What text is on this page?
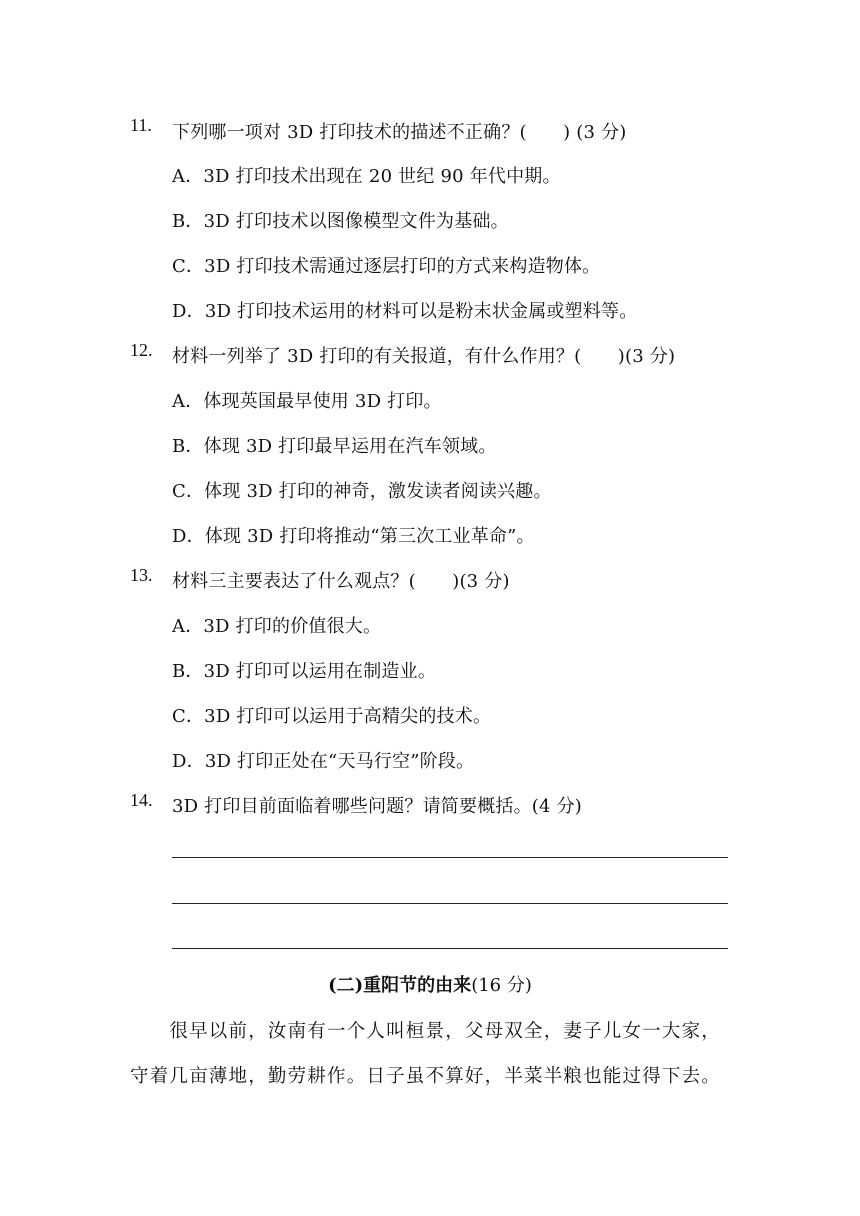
11. 下列哪一项对 3D 打印技术的描述不正确？(　　) (3 分)
A．3D 打印技术出现在 20 世纪 90 年代中期。
B．3D 打印技术以图像模型文件为基础。
C．3D 打印技术需通过逐层打印的方式来构造物体。
D．3D 打印技术运用的材料可以是粉末状金属或塑料等。
12. 材料一列举了 3D 打印的有关报道，有什么作用？(　　)(3 分)
A．体现英国最早使用 3D 打印。
B．体现 3D 打印最早运用在汽车领域。
C．体现 3D 打印的神奇，激发读者阅读兴趣。
D．体现 3D 打印将推动“第三次工业革命”。
13. 材料三主要表达了什么观点？(　　)(3 分)
A．3D 打印的价值很大。
B．3D 打印可以运用在制造业。
C．3D 打印可以运用于高精尖的技术。
D．3D 打印正处在“天马行空”阶段。
14. 3D 打印目前面临着哪些问题？请简要概括。(4 分)
(二)重阳节的由来(16 分)
　　很早以前，汝南有一个人叫桓景，父母双全，妻子儿女一大家，
守着几亩薄地，勤劳耕作。日子虽不算好，半菜半粮也能过得下去。
